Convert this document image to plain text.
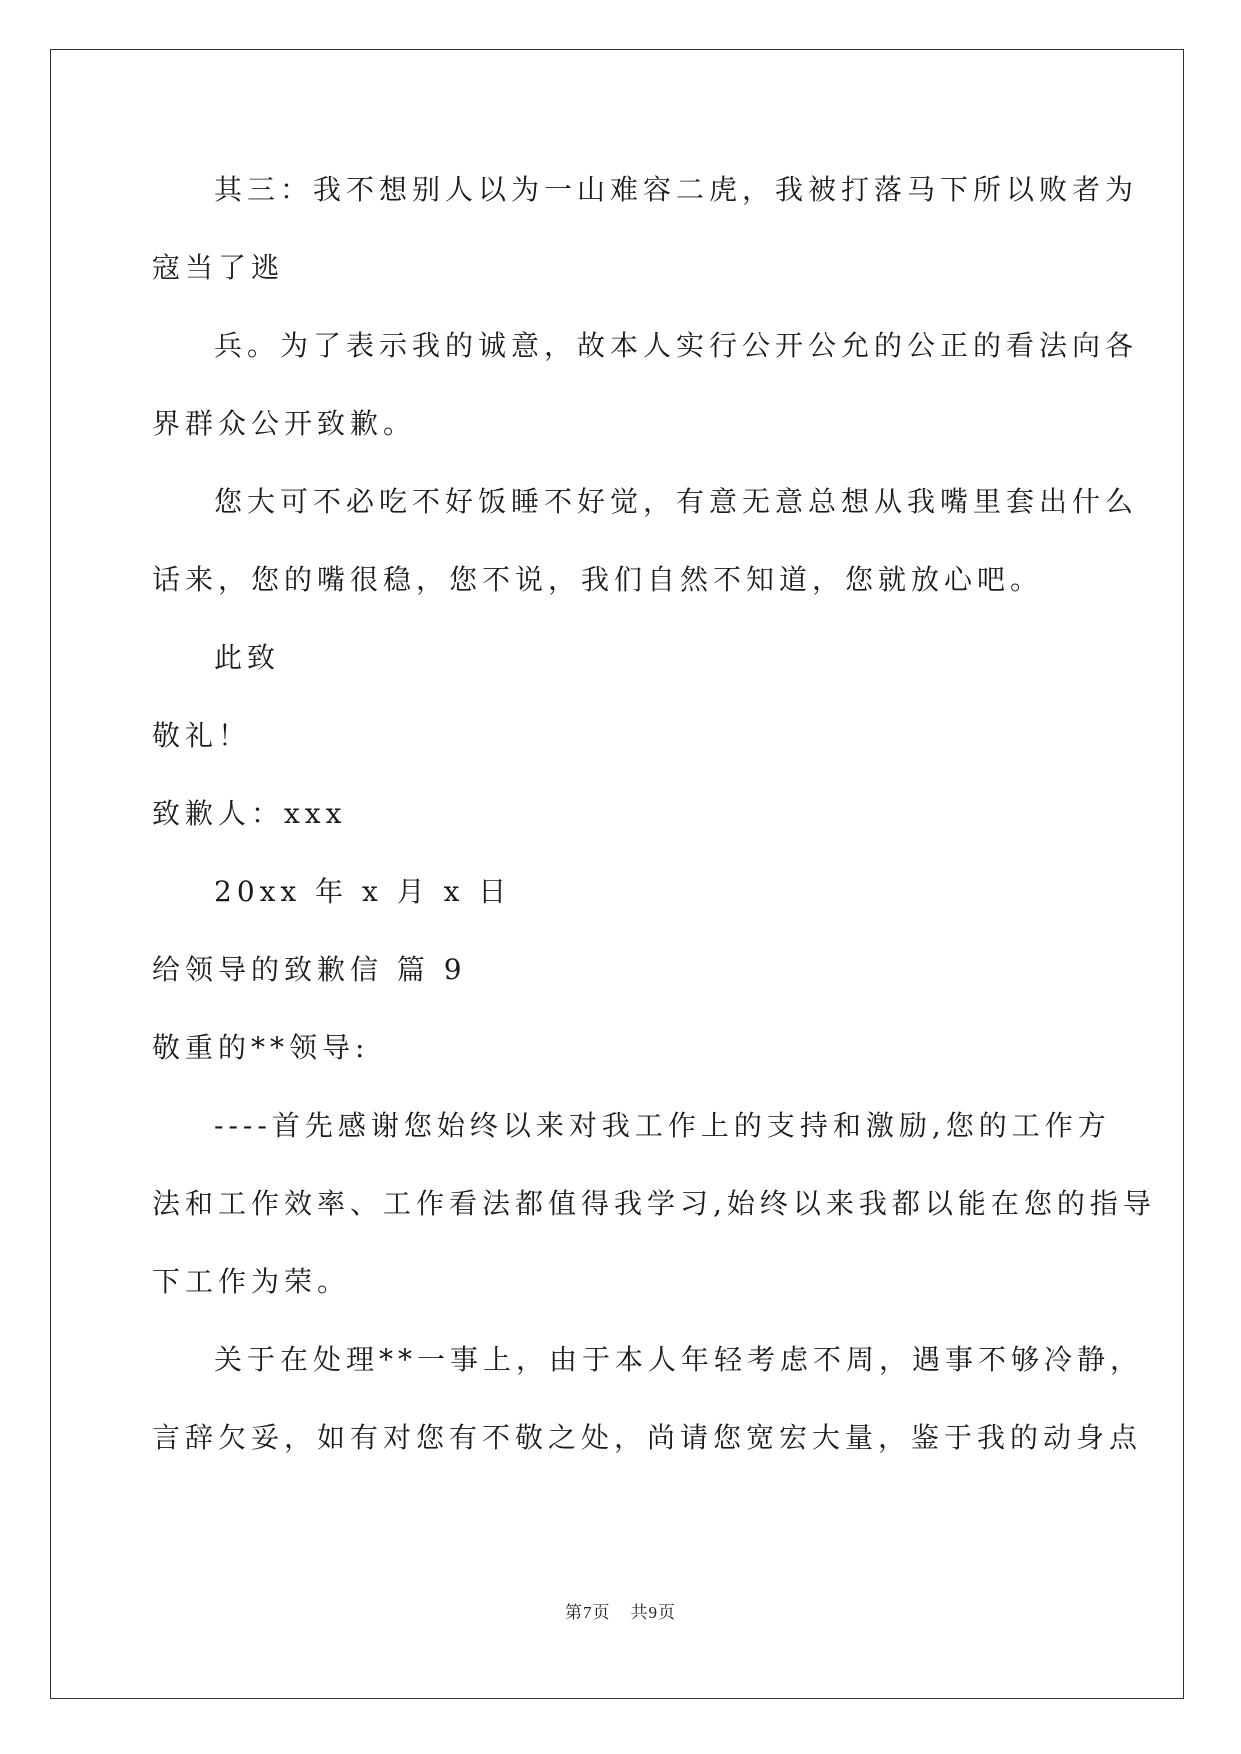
其三：我不想别人以为一山难容二虎，我被打落马下所以败者为
寇当了逃
兵。为了表示我的诚意，故本人实行公开公允的公正的看法向各
界群众公开致歉。
您大可不必吃不好饭睡不好觉，有意无意总想从我嘴里套出什么
话来，您的嘴很稳，您不说，我们自然不知道，您就放心吧。
此致
敬礼！
致歉人：xxx
20xx 年 x 月 x 日
给领导的致歉信 篇 9
敬重的**领导:
----首先感谢您始终以来对我工作上的支持和激励,您的工作方
法和工作效率、工作看法都值得我学习,始终以来我都以能在您的指导
下工作为荣。
关于在处理**一事上，由于本人年轻考虑不周，遇事不够冷静，
言辞欠妥，如有对您有不敬之处，尚请您宽宏大量，鉴于我的动身点
第7页 共9页
